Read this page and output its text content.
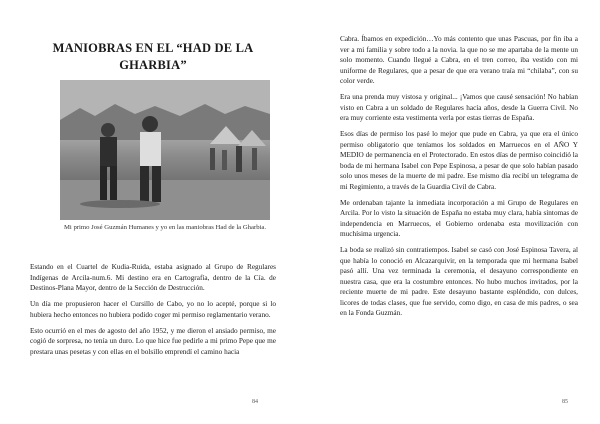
MANIOBRAS EN EL “HAD DE LA GHARBIA”
Mi primo José Guzmán Humanes y yo en las maniobras Had de la Gharbia.

Estando en el Cuartel de Kudia-Ruida, estaba asignado al Grupo de Regulares Indígenas de Arcila-num.6. Mi destino era en Cartografía, dentro de la Cía. de Destinos-Plana Mayor, dentro de la Sección de Destrucción.

Un día me propusieron hacer el Cursillo de Cabo, yo no lo acepté, porque si lo hubiera hecho entonces no hubiera podido coger mi permiso reglamentario verano.

Esto ocurrió en el mes de agosto del año 1952, y me dieron el ansiado permiso, me cogió de sorpresa, no tenía un duro. Lo que hice fue pedirle a mi primo Pepe que me prestara unas pesetas y con ellas en el bolsillo emprendí el camino hacia

84

Cabra. Íbamos en expedición…Yo más contento que unas Pascuas, por fin iba a ver a mi familia y sobre todo a la novia. la que no se me apartaba de la mente un solo momento. Cuando llegué a Cabra, en el tren correo, iba vestido con mi uniforme de Regulares, que a pesar de que era verano traía mi “chilaba”, con su color verde.

Era una prenda muy vistosa y original... ¡Vamos que causé sensación! No habían visto en Cabra a un soldado de Regulares hacía años, desde la Guerra Civil. No era muy corriente esta vestimenta verla por estas tierras de España.

Esos días de permiso los pasé lo mejor que pude en Cabra, ya que era el único permiso obligatorio que teníamos los soldados en Marruecos en el AÑO Y MEDIO de permanencia en el Protectorado. En estos días de permiso coincidió la boda de mi hermana Isabel con Pepe Espinosa, a pesar de que solo habían pasado solo unos meses de la muerte de mi padre. Ese mismo día recibí un telegrama de mi Regimiento, a través de la Guardia Civil de Cabra.

Me ordenaban tajante la inmediata incorporación a mi Grupo de Regulares en Arcila. Por lo visto la situación de España no estaba muy clara, había síntomas de independencia en Marruecos, el Gobierno ordenaba esta movilización con muchísima urgencia.

La boda se realizó sin contratiempos. Isabel se casó con José Espinosa Tavera, al que había lo conoció en Alcazarquivir, en la temporada que mi hermana Isabel pasó allí. Una vez terminada la ceremonia, el desayuno correspondiente en nuestra casa, que era la costumbre entonces. No hubo muchos invitados, por la reciente muerte de mi padre. Este desayuno bastante espléndido, con dulces, licores de todas clases, que fue servido, como digo, en casa de mis padres, o sea en la Fonda Guzmán.

85
